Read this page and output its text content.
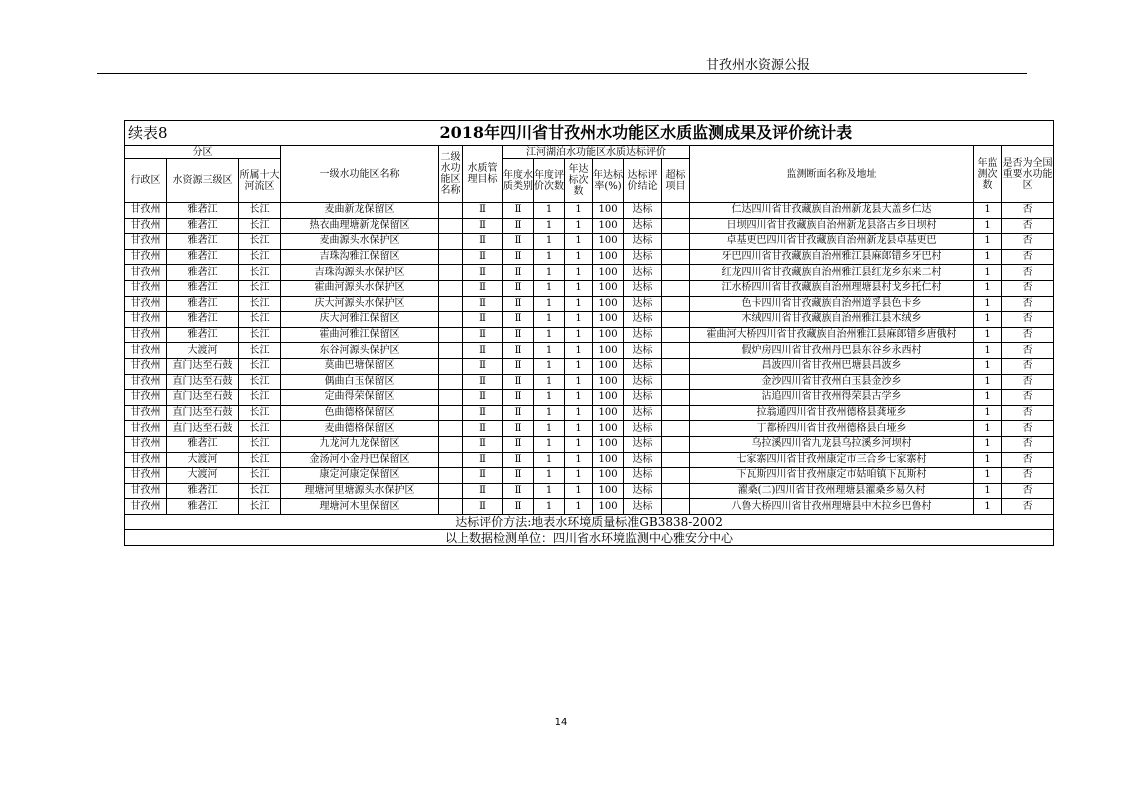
甘孜州水资源公报
续表8		2018年四川省甘孜州水功能区水质监测成果及评价统计表												
分区			一级水功能区名称	二级水功能区名称	水质管理目标	江河湖泊水功能区水质达标评价						监测断面名称及地址	年监测次数	是否为全国重要水功能区
行政区	水资源三级区	所属十大河流区				年度水质类别	年度评价次数	年达标次数	年达标率(%)	达标评价结论	超标项目			

甘孜州	雅砻江	长江	麦曲新龙保留区		Ⅱ	Ⅱ	1	1	100	达标		仁达四川省甘孜藏族自治州新龙县大盖乡仁达	1	否
甘孜州	雅砻江	长江	热衣曲理塘新龙保留区		Ⅱ	Ⅱ	1	1	100	达标		日坝四川省甘孜藏族自治州新龙县洛古乡日坝村	1	否
甘孜州	雅砻江	长江	麦曲源头水保护区		Ⅱ	Ⅱ	1	1	100	达标		卓基更巴四川省甘孜藏族自治州新龙县卓基更巴	1	否
甘孜州	雅砻江	长江	吉珠沟雅江保留区		Ⅱ	Ⅱ	1	1	100	达标		牙巴四川省甘孜藏族自治州雅江县麻郎错乡牙巴村	1	否
甘孜州	雅砻江	长江	吉珠沟源头水保护区		Ⅱ	Ⅱ	1	1	100	达标		红龙四川省甘孜藏族自治州雅江县红龙乡东来二村	1	否
甘孜州	雅砻江	长江	霍曲河源头水保护区		Ⅱ	Ⅱ	1	1	100	达标		江水桥四川省甘孜藏族自治州理塘县村戈乡托仁村	1	否
甘孜州	雅砻江	长江	庆大河源头水保护区		Ⅱ	Ⅱ	1	1	100	达标		色卡四川省甘孜藏族自治州道孚县色卡乡	1	否
甘孜州	雅砻江	长江	庆大河雅江保留区		Ⅱ	Ⅱ	1	1	100	达标		木绒四川省甘孜藏族自治州雅江县木绒乡	1	否
甘孜州	雅砻江	长江	霍曲河雅江保留区		Ⅱ	Ⅱ	1	1	100	达标		霍曲河大桥四川省甘孜藏族自治州雅江县麻郎错乡唐俄村	1	否
甘孜州	大渡河	长江	东谷河源头保护区		Ⅱ	Ⅱ	1	1	100	达标		假炉房四川省甘孜州丹巴县东谷乡永西村	1	否
甘孜州	直门达至石鼓	长江	莫曲巴塘保留区		Ⅱ	Ⅱ	1	1	100	达标		昌波四川省甘孜州巴塘县昌波乡	1	否
甘孜州	直门达至石鼓	长江	偶曲白玉保留区		Ⅱ	Ⅱ	1	1	100	达标		金沙四川省甘孜州白玉县金沙乡	1	否
甘孜州	直门达至石鼓	长江	定曲得荣保留区		Ⅱ	Ⅱ	1	1	100	达标		沾追四川省甘孜州得荣县古学乡	1	否
甘孜州	直门达至石鼓	长江	色曲德格保留区		Ⅱ	Ⅱ	1	1	100	达标		拉翁通四川省甘孜州德格县龚垭乡	1	否
甘孜州	直门达至石鼓	长江	麦曲德格保留区		Ⅱ	Ⅱ	1	1	100	达标		丁都桥四川省甘孜州德格县白垭乡	1	否
甘孜州	雅砻江	长江	九龙河九龙保留区		Ⅱ	Ⅱ	1	1	100	达标		乌拉溪四川省九龙县乌拉溪乡河坝村	1	否
甘孜州	大渡河	长江	金汤河小金丹巴保留区		Ⅱ	Ⅱ	1	1	100	达标		七家寨四川省甘孜州康定市三合乡七家寨村	1	否
甘孜州	大渡河	长江	康定河康定保留区		Ⅱ	Ⅱ	1	1	100	达标		下瓦斯四川省甘孜州康定市姑咱镇下瓦斯村	1	否
甘孜州	雅砻江	长江	理塘河里塘源头水保护区		Ⅱ	Ⅱ	1	1	100	达标		濯桑(二)四川省甘孜州理塘县濯桑乡易久村	1	否
甘孜州	雅砻江	长江	理塘河木里保留区		Ⅱ	Ⅱ	1	1	100	达标		八鲁大桥四川省甘孜州理塘县中木拉乡巴鲁村	1	否
达标评价方法:地表水环境质量标准GB3838-2002														
以上数据检测单位：四川省水环境监测中心雅安分中心														
14
